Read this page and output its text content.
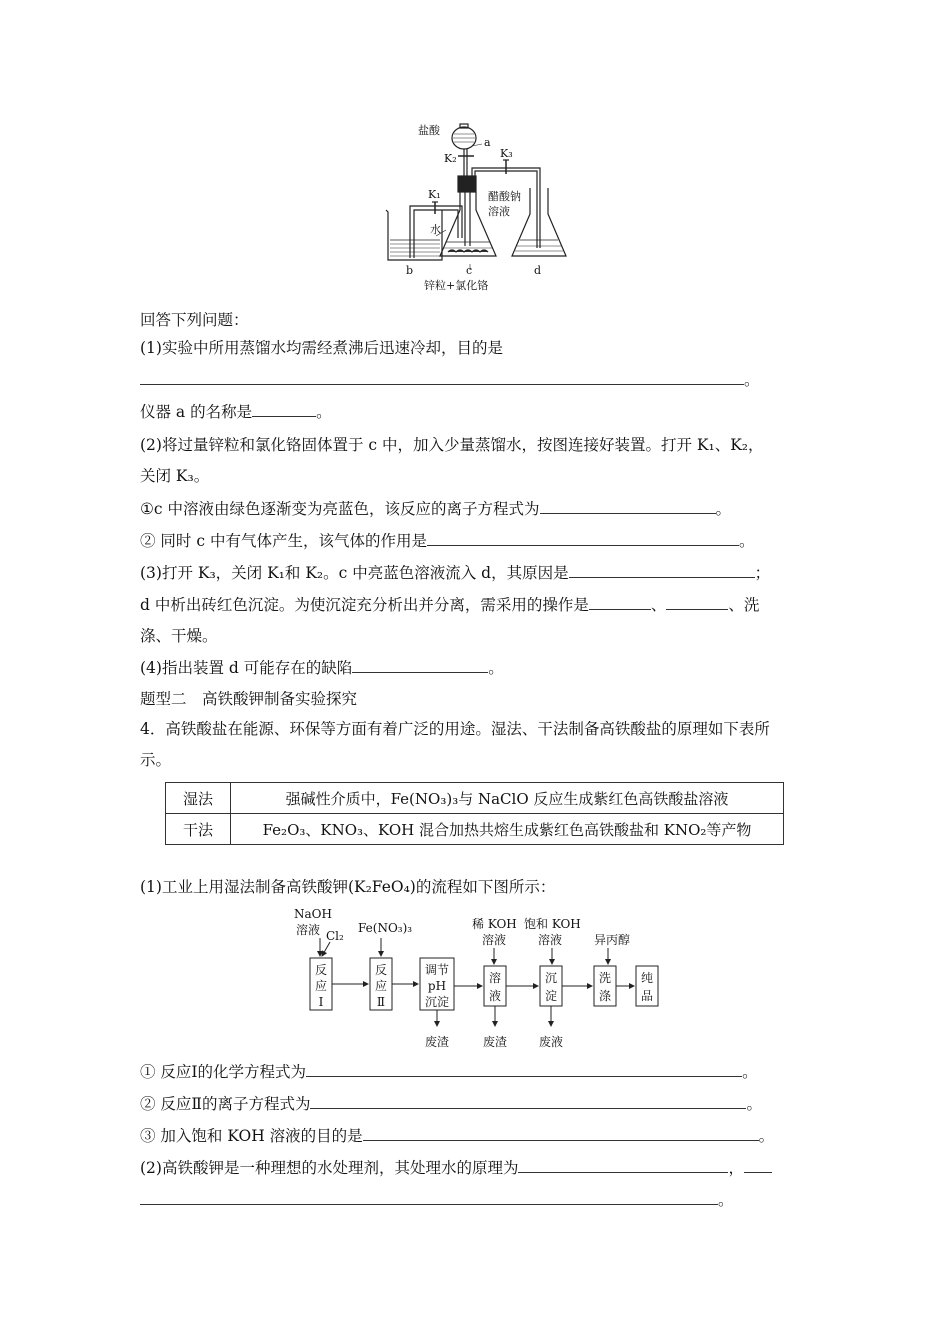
盐酸
a
K₂	K₃
K₁	醋酸钠
溶液
水
b	c	d
锌粒+氯化铬
回答下列问题：
(1)实验中所用蒸馏水均需经煮沸后迅速冷却，目的是
。
仪器 a 的名称是	。
(2)将过量锌粒和氯化铬固体置于 c 中，加入少量蒸馏水，按图连接好装置。打开 K₁、K₂，
关闭 K₃。
①c 中溶液由绿色逐渐变为亮蓝色，该反应的离子方程式为	。
② 同时 c 中有气体产生，该气体的作用是	。
(3)打开 K₃，关闭 K₁和 K₂。c 中亮蓝色溶液流入 d，其原因是	；
d 中析出砖红色沉淀。为使沉淀充分析出并分离，需采用的操作是	、	、洗
涤、干燥。
(4)指出装置 d 可能存在的缺陷	。
题型二　高铁酸钾制备实验探究
4．高铁酸盐在能源、环保等方面有着广泛的用途。湿法、干法制备高铁酸盐的原理如下表所
示。
湿法	强碱性介质中，Fe(NO₃)₃与 NaClO 反应生成紫红色高铁酸盐溶液
干法	Fe₂O₃、KNO₃、KOH 混合加热共熔生成紫红色高铁酸盐和 KNO₂等产物
(1)工业上用湿法制备高铁酸钾(K₂FeO₄)的流程如下图所示：
NaOH
溶液 Cl₂
Fe(NO₃)₃	稀 KOH
溶液
饱和 KOH
溶液	异丙醇
反
应
Ⅰ
反
应
Ⅱ
调节
pH
沉淀
溶
液
沉
淀
洗
涤
纯
品
废渣	废渣	废液
① 反应Ⅰ的化学方程式为	。
② 反应Ⅱ的离子方程式为	。
③ 加入饱和 KOH 溶液的目的是	。
(2)高铁酸钾是一种理想的水处理剂，其处理水的原理为	，
。
